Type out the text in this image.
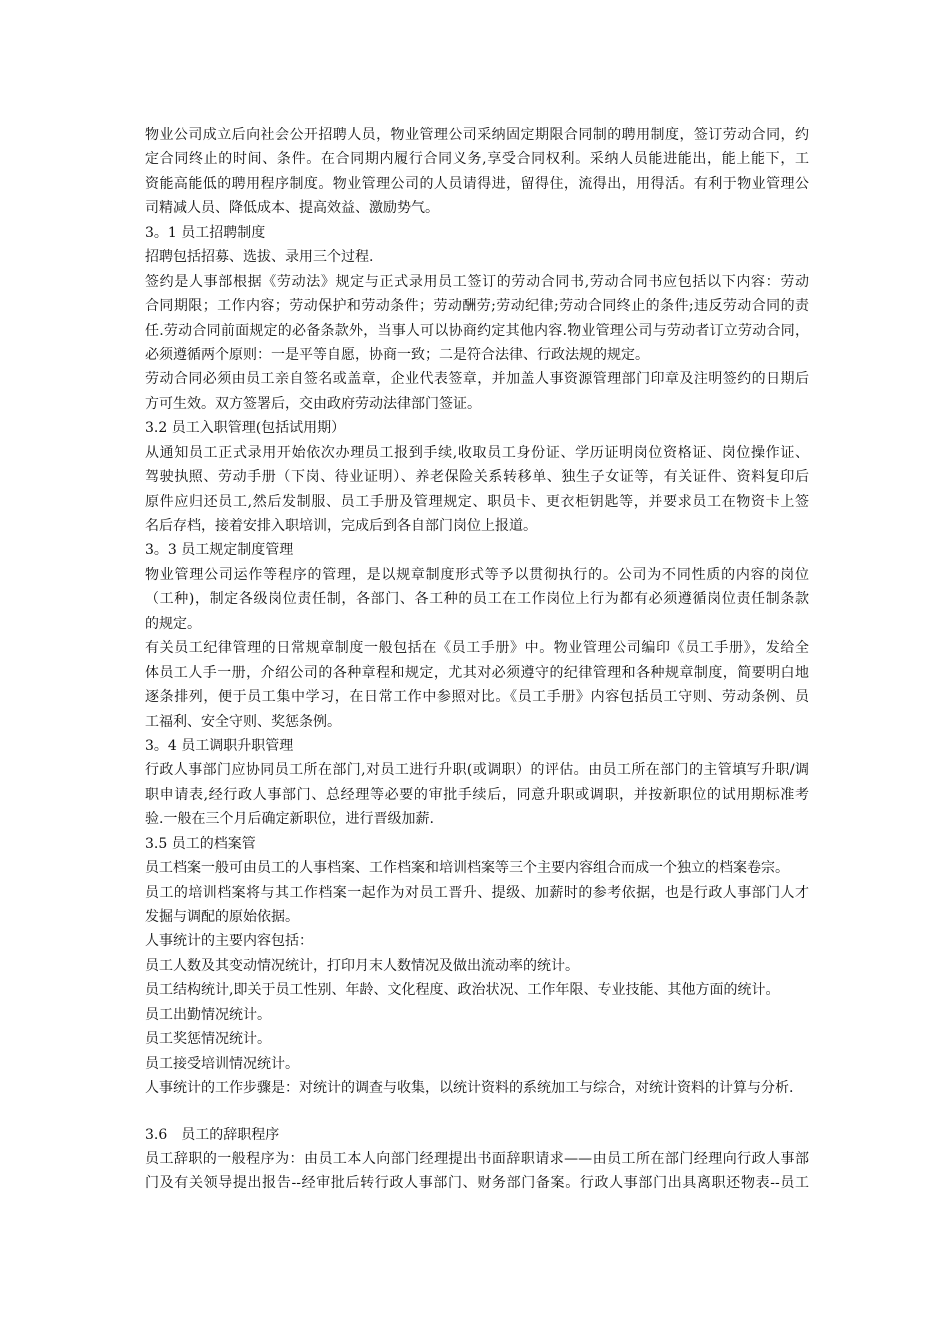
物业公司成立后向社会公开招聘人员，物业管理公司采纳固定期限合同制的聘用制度，签订劳动合同，约
定合同终止的时间、条件。在合同期内履行合同义务,享受合同权利。采纳人员能进能出，能上能下，工
资能高能低的聘用程序制度。物业管理公司的人员请得进，留得住，流得出，用得活。有利于物业管理公
司精减人员、降低成本、提高效益、激励势气。
3。1 员工招聘制度
招聘包括招募、选拔、录用三个过程.
签约是人事部根据《劳动法》规定与正式录用员工签订的劳动合同书,劳动合同书应包括以下内容：劳动
合同期限；工作内容；劳动保护和劳动条件；劳动酬劳;劳动纪律;劳动合同终止的条件;违反劳动合同的责
任.劳动合同前面规定的必备条款外，当事人可以协商约定其他内容.物业管理公司与劳动者订立劳动合同，
必须遵循两个原则：一是平等自愿，协商一致；二是符合法律、行政法规的规定。
劳动合同必须由员工亲自签名或盖章，企业代表签章，并加盖人事资源管理部门印章及注明签约的日期后
方可生效。双方签署后，交由政府劳动法律部门签证。
3.2 员工入职管理(包括试用期）
从通知员工正式录用开始依次办理员工报到手续,收取员工身份证、学历证明岗位资格证、岗位操作证、
驾驶执照、劳动手册（下岗、待业证明）、养老保险关系转移单、独生子女证等，有关证件、资料复印后
原件应归还员工,然后发制服、员工手册及管理规定、职员卡、更衣柜钥匙等，并要求员工在物资卡上签
名后存档，接着安排入职培训，完成后到各自部门岗位上报道。
3。3 员工规定制度管理
物业管理公司运作等程序的管理，是以规章制度形式等予以贯彻执行的。公司为不同性质的内容的岗位
（工种)，制定各级岗位责任制，各部门、各工种的员工在工作岗位上行为都有必须遵循岗位责任制条款
的规定。
有关员工纪律管理的日常规章制度一般包括在《员工手册》中。物业管理公司编印《员工手册》，发给全
体员工人手一册，介绍公司的各种章程和规定，尤其对必须遵守的纪律管理和各种规章制度，简要明白地
逐条排列，便于员工集中学习，在日常工作中参照对比。《员工手册》内容包括员工守则、劳动条例、员
工福利、安全守则、奖惩条例。
3。4 员工调职升职管理
行政人事部门应协同员工所在部门,对员工进行升职(或调职）的评估。由员工所在部门的主管填写升职/调
职申请表,经行政人事部门、总经理等必要的审批手续后，同意升职或调职，并按新职位的试用期标准考
验.一般在三个月后确定新职位，进行晋级加薪.
3.5 员工的档案管
员工档案一般可由员工的人事档案、工作档案和培训档案等三个主要内容组合而成一个独立的档案卷宗。
员工的培训档案将与其工作档案一起作为对员工晋升、提级、加薪时的参考依据，也是行政人事部门人才
发掘与调配的原始依据。
人事统计的主要内容包括：
员工人数及其变动情况统计，打印月末人数情况及做出流动率的统计。
员工结构统计,即关于员工性别、年龄、文化程度、政治状况、工作年限、专业技能、其他方面的统计。
员工出勤情况统计。
员工奖惩情况统计。
员工接受培训情况统计。
人事统计的工作步骤是：对统计的调查与收集，以统计资料的系统加工与综合，对统计资料的计算与分析.
3.6　员工的辞职程序
员工辞职的一般程序为：由员工本人向部门经理提出书面辞职请求——由员工所在部门经理向行政人事部
门及有关领导提出报告--经审批后转行政人事部门、财务部门备案。行政人事部门出具离职还物表--员工
